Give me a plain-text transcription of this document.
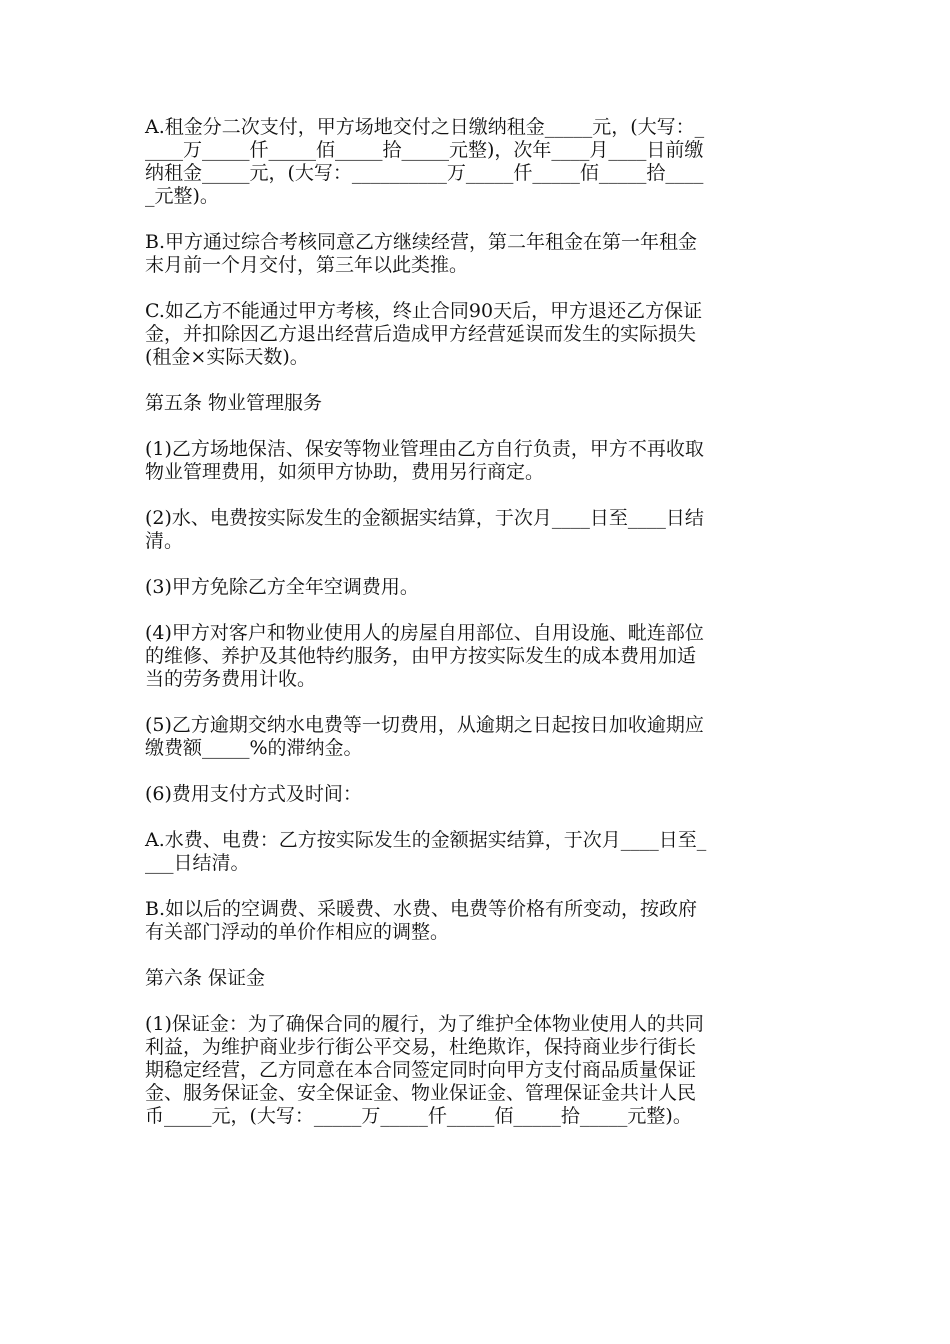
A.租金分二次支付，甲方场地交付之日缴纳租金_____元，(大写：_
____万_____仟_____佰_____拾_____元整)，次年____月____日前缴
纳租金_____元，(大写：__________万_____仟_____佰_____拾____
_元整)。
B.甲方通过综合考核同意乙方继续经营，第二年租金在第一年租金
末月前一个月交付，第三年以此类推。
C.如乙方不能通过甲方考核，终止合同90天后，甲方退还乙方保证
金，并扣除因乙方退出经营后造成甲方经营延误而发生的实际损失
(租金×实际天数)。
第五条 物业管理服务
(1)乙方场地保洁、保安等物业管理由乙方自行负责，甲方不再收取
物业管理费用，如须甲方协助，费用另行商定。
(2)水、电费按实际发生的金额据实结算，于次月____日至____日结
清。
(3)甲方免除乙方全年空调费用。
(4)甲方对客户和物业使用人的房屋自用部位、自用设施、毗连部位
的维修、养护及其他特约服务，由甲方按实际发生的成本费用加适
当的劳务费用计收。
(5)乙方逾期交纳水电费等一切费用，从逾期之日起按日加收逾期应
缴费额_____%的滞纳金。
(6)费用支付方式及时间：
A.水费、电费：乙方按实际发生的金额据实结算，于次月____日至_
___日结清。
B.如以后的空调费、采暖费、水费、电费等价格有所变动，按政府
有关部门浮动的单价作相应的调整。
第六条 保证金
(1)保证金：为了确保合同的履行，为了维护全体物业使用人的共同
利益，为维护商业步行街公平交易，杜绝欺诈，保持商业步行街长
期稳定经营，乙方同意在本合同签定同时向甲方支付商品质量保证
金、服务保证金、安全保证金、物业保证金、管理保证金共计人民
币_____元，(大写：_____万_____仟_____佰_____拾_____元整)。
